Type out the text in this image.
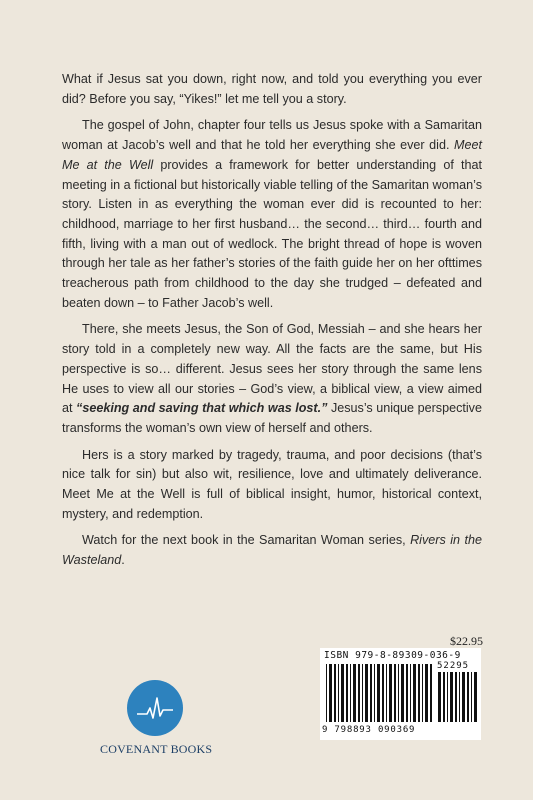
What if Jesus sat you down, right now, and told you everything you ever did? Before you say, “Yikes!” let me tell you a story.

The gospel of John, chapter four tells us Jesus spoke with a Samaritan woman at Jacob’s well and that he told her everything she ever did. Meet Me at the Well provides a framework for better understanding of that meeting in a fictional but historically viable telling of the Samaritan woman’s story. Listen in as everything the woman ever did is recounted to her: childhood, marriage to her first husband… the second… third… fourth and fifth, living with a man out of wedlock. The bright thread of hope is woven through her tale as her father’s stories of the faith guide her on her ofttimes treacherous path from childhood to the day she trudged – defeated and beaten down – to Father Jacob’s well.

There, she meets Jesus, the Son of God, Messiah – and she hears her story told in a completely new way. All the facts are the same, but His perspective is so… different. Jesus sees her story through the same lens He uses to view all our stories – God’s view, a biblical view, a view aimed at “seeking and saving that which was lost.” Jesus’s unique perspective transforms the woman’s own view of herself and others.

Hers is a story marked by tragedy, trauma, and poor decisions (that’s nice talk for sin) but also wit, resilience, love and ultimately deliverance. Meet Me at the Well is full of biblical insight, humor, historical context, mystery, and redemption.

Watch for the next book in the Samaritan Woman series, Rivers in the Wasteland.

COVENANT BOOKS
$22.95
ISBN 979-8-89309-036-9
52295
9 798893 090369
